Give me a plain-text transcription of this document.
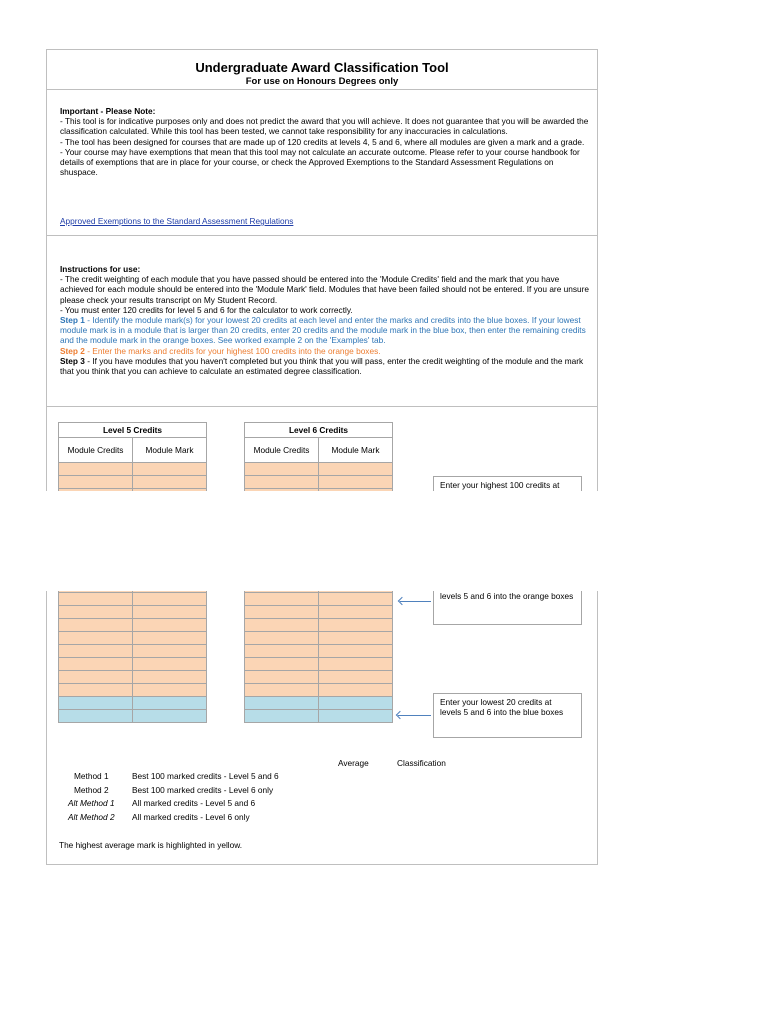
Undergraduate Award Classification Tool
For use on Honours Degrees only

Important - Please Note:

- This tool is for indicative purposes only and does not predict the award that you will achieve. It does not guarantee that you will be awarded the classification calculated. While this tool has been tested, we cannot take responsibility for any inaccuracies in calculations.

- The tool has been designed for courses that are made up of 120 credits at levels 4, 5 and 6, where all modules are given a mark and a grade.

- Your course may have exemptions that mean that this tool may not calculate an accurate outcome. Please refer to your course handbook for details of exemptions that are in place for your course, or check the Approved Exemptions to the Standard Assessment Regulations on shuspace.

Approved Exemptions to the Standard Assessment Regulations

Instructions for use:

- The credit weighting of each module that you have passed should be entered into the 'Module Credits' field and the mark that you have achieved for each module should be entered into the 'Module Mark' field. Modules that have been failed should not be entered. If you are unsure please check your results transcript on My Student Record.

- You must enter 120 credits for level 5 and 6 for the calculator to work correctly.

Step 1 - Identify the module mark(s) for your lowest 20 credits at each level and enter the marks and credits into the blue boxes. If your lowest module mark is in a module that is larger than 20 credits, enter 20 credits and the module mark in the blue box, then enter the remaining credits and the module mark in the orange boxes. See worked example 2 on the 'Examples' tab.

Step 2 - Enter the marks and credits for your highest 100 credits into the orange boxes.

Step 3 - If you have modules that you haven't completed but you think that you will pass, enter the credit weighting of the module and the mark that you think that you can achieve to calculate an estimated degree classification.

Level 5 Credits	
Module Credits	Module Mark

Level 6 Credits	
Module Credits	Module Mark

Enter your highest 100 credits at
levels 5 and 6 into the orange boxes
Enter your lowest 20 credits at levels 5 and 6 into the blue boxes
Average	Classification
Method 1	Best 100 marked credits - Level 5 and 6
Method 2	Best 100 marked credits - Level 6 only
Alt Method 1 All marked credits - Level 5 and 6
Alt Method 2 All marked credits - Level 6 only
The highest average mark is highlighted in yellow.
